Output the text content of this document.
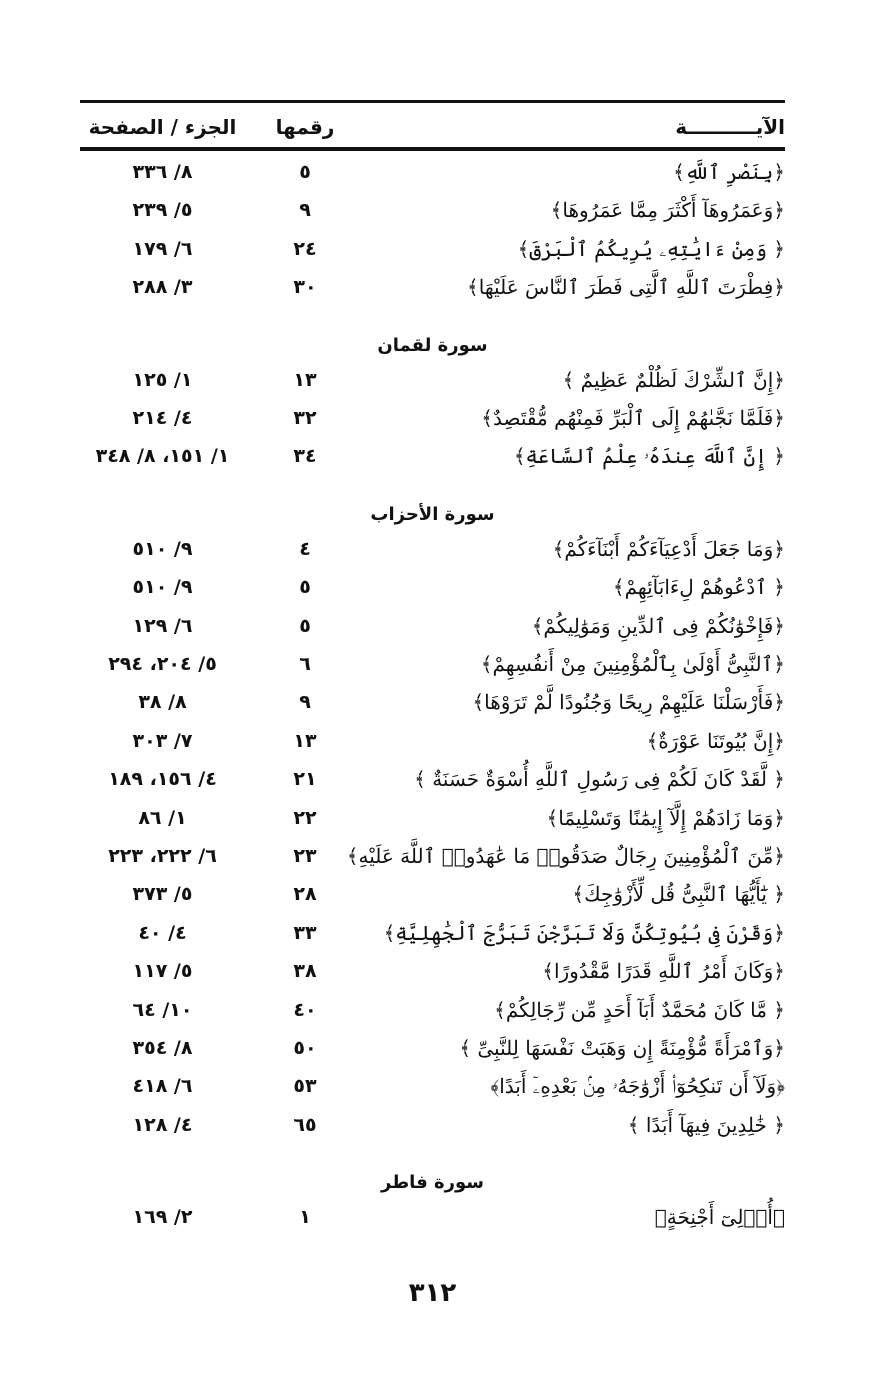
الآيــــــــــة
رقمها
الجزء / الصفحة
﴿بِنَصْرِ ٱللَّهِ﴾
٥
٨/ ٣٣٦
﴿وَعَمَرُوهَآ أَكْثَرَ مِمَّا عَمَرُوهَا﴾
٩
٥/ ٢٣٩
﴿ وَمِنْ ءَايَٰتِهِۦ يُرِيكُمُ ٱلْبَرْقَ﴾
٢٤
٦/ ١٧٩
﴿فِطْرَتَ ٱللَّهِ ٱلَّتِى فَطَرَ ٱلنَّاسَ عَلَيْهَا﴾
٣٠
٣/ ٢٨٨
سورة لقمان
﴿إِنَّ ٱلشِّرْكَ لَظُلْمٌ عَظِيمٌ ﴾
١٣
١/ ١٢٥
﴿فَلَمَّا نَجَّىٰهُمْ إِلَى ٱلْبَرِّ فَمِنْهُم مُّقْتَصِدٌ﴾
٣٢
٤/ ٢١٤
﴿ إِنَّ ٱللَّهَ عِندَهُۥ عِلْمُ ٱلسَّاعَةِ﴾
٣٤
١/ ١٥١، ٨/ ٣٤٨
سورة الأحزاب
﴿وَمَا جَعَلَ أَدْعِيَآءَكُمْ أَبْنَآءَكُمْ﴾
٤
٩/ ٥١٠
﴿ ٱدْعُوهُمْ لِءَابَآئِهِمْ﴾
٥
٩/ ٥١٠
﴿فَإِخْوَٰنُكُمْ فِى ٱلدِّينِ وَمَوَٰلِيكُمْ﴾
٥
٦/ ١٢٩
﴿ٱلنَّبِىُّ أَوْلَىٰ بِٱلْمُؤْمِنِينَ مِنْ أَنفُسِهِمْ﴾
٦
٥/ ٢٠٤، ٢٩٤
﴿فَأَرْسَلْنَا عَلَيْهِمْ رِيحًا وَجُنُودًا لَّمْ تَرَوْهَا﴾
٩
٨/ ٣٨
﴿إِنَّ بُيُوتَنَا عَوْرَةٌ﴾
١٣
٧/ ٣٠٣
﴿ لَّقَدْ كَانَ لَكُمْ فِى رَسُولِ ٱللَّهِ أُسْوَةٌ حَسَنَةٌ ﴾
٢١
٤/ ١٥٦، ١٨٩
﴿وَمَا زَادَهُمْ إِلَّآ إِيمَٰنًا وَتَسْلِيمًا﴾
٢٢
١/ ٨٦
﴿مِّنَ ٱلْمُؤْمِنِينَ رِجَالٌ صَدَقُوا۟ مَا عَٰهَدُوا۟ ٱللَّهَ عَلَيْهِ﴾
٢٣
٦/ ٢٢٢، ٢٢٣
﴿ يَٰٓأَيُّهَا ٱلنَّبِىُّ قُل لِّأَزْوَٰجِكَ﴾
٢٨
٥/ ٣٧٣
﴿وَقَرْنَ فِى بُيُوتِكُنَّ وَلَا تَبَرَّجْنَ تَبَرُّجَ ٱلْجَٰهِلِيَّةِ﴾
٣٣
٤/ ٤٠
﴿وَكَانَ أَمْرُ ٱللَّهِ قَدَرًا مَّقْدُورًا﴾
٣٨
٥/ ١١٧
﴿ مَّا كَانَ مُحَمَّدٌ أَبَآ أَحَدٍ مِّن رِّجَالِكُمْ﴾
٤٠
١٠/ ٦٤
﴿وَٱمْرَأَةً مُّؤْمِنَةً إِن وَهَبَتْ نَفْسَهَا لِلنَّبِىِّ ﴾
٥٠
٨/ ٣٥٤
﴿وَلَآ أَن تَنكِحُوٓا۟ أَزْوَٰجَهُۥ مِنۢ بَعْدِهِۦٓ أَبَدًا﴾
٥٣
٦/ ٤١٨
﴿ خَٰلِدِينَ فِيهَآ أَبَدًا ﴾
٦٥
٤/ ١٢٨
سورة فاطر
﴿أُو۟لِىٓ أَجْنِحَةٍ﴾
١
٢/ ١٦٩
٣١٢
